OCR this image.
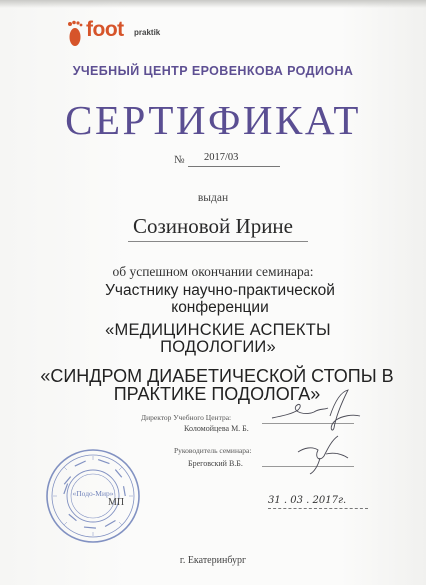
foot praktik
УЧЕБНЫЙ ЦЕНТР ЕРОВЕНКОВА РОДИОНА
СЕРТИФИКАТ
№ 2017/03
выдан
Созиновой Ирине
об успешном окончании семинара:
Участнику научно-практической конференции
«МЕДИЦИНСКИЕ АСПЕКТЫ ПОДОЛОГИИ»
«СИНДРОМ ДИАБЕТИЧЕСКОЙ СТОПЫ В ПРАКТИКЕ ПОДОЛОГА»
Директор Учебного Центра:
Коломойцева М. Б.
Руководитель семинара:
Бреговский В.Б.
«Подо-Мир»
МП	31 . 03 . 2017г.
г. Екатеринбург
